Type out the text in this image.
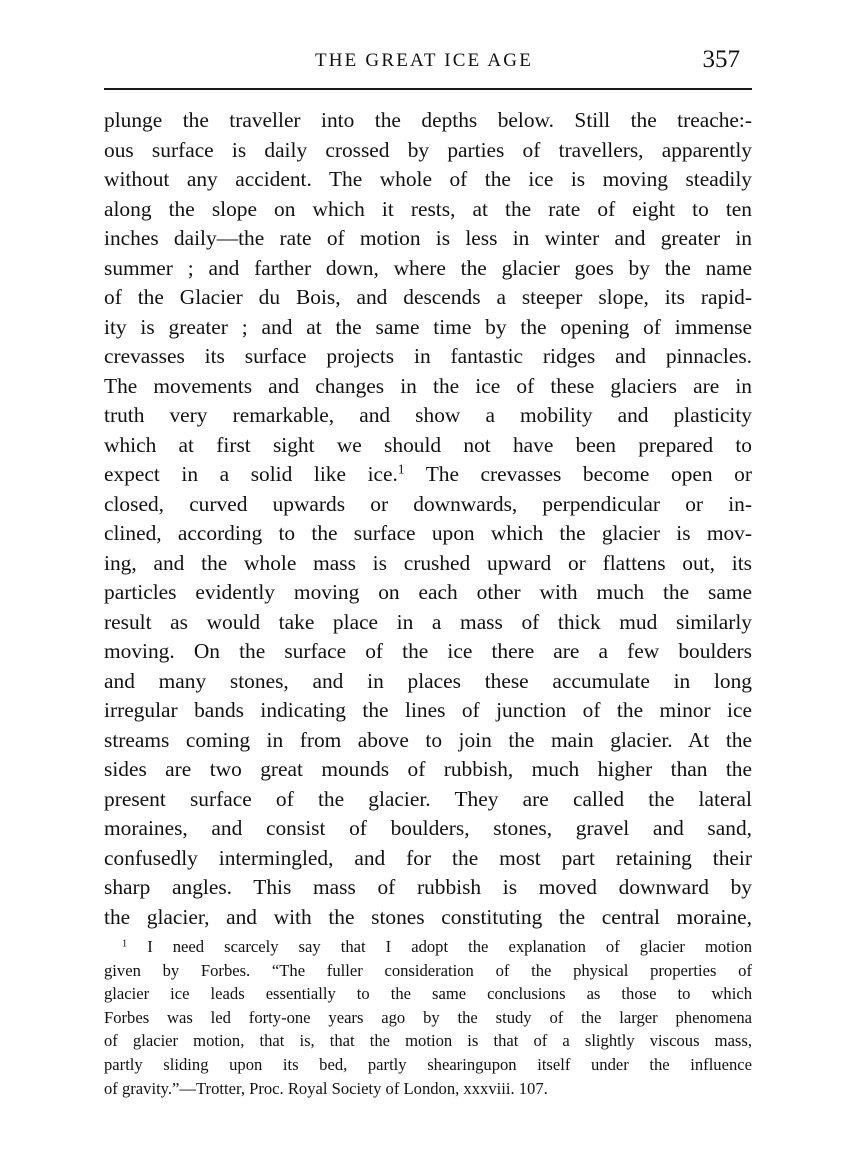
THE GREAT ICE AGE	357
plunge the traveller into the depths below. Still the treache:-
ous surface is daily crossed by parties of travellers, apparently
without any accident. The whole of the ice is moving steadily
along the slope on which it rests, at the rate of eight to ten
inches daily—the rate of motion is less in winter and greater in
summer ; and farther down, where the glacier goes by the name
of the Glacier du Bois, and descends a steeper slope, its rapid-
ity is greater ; and at the same time by the opening of immense
crevasses its surface projects in fantastic ridges and pinnacles.
The movements and changes in the ice of these glaciers are in
truth very remarkable, and show a mobility and plasticity
which at first sight we should not have been prepared to
expect in a solid like ice.$^1$ The crevasses become open or
closed, curved upwards or downwards, perpendicular or in-
clined, according to the surface upon which the glacier is mov-
ing, and the whole mass is crushed upward or flattens out, its
particles evidently moving on each other with much the same
result as would take place in a mass of thick mud similarly
moving. On the surface of the ice there are a few boulders
and many stones, and in places these accumulate in long
irregular bands indicating the lines of junction of the minor ice
streams coming in from above to join the main glacier. At the
sides are two great mounds of rubbish, much higher than the
present surface of the glacier. They are called the lateral
moraines, and consist of boulders, stones, gravel and sand,
confusedly intermingled, and for the most part retaining their
sharp angles. This mass of rubbish is moved downward by
the glacier, and with the stones constituting the central moraine,
$^1$ I need scarcely say that I adopt the explanation of glacier motion
given by Forbes. “The fuller consideration of the physical properties of
glacier ice leads essentially to the same conclusions as those to which
Forbes was led forty-one years ago by the study of the larger phenomena
of glacier motion, that is, that the motion is that of a slightly viscous mass,
partly sliding upon its bed, partly shearingupon itself under the influence
of gravity.”—Trotter, Proc. Royal Society of London, xxxviii. 107.
